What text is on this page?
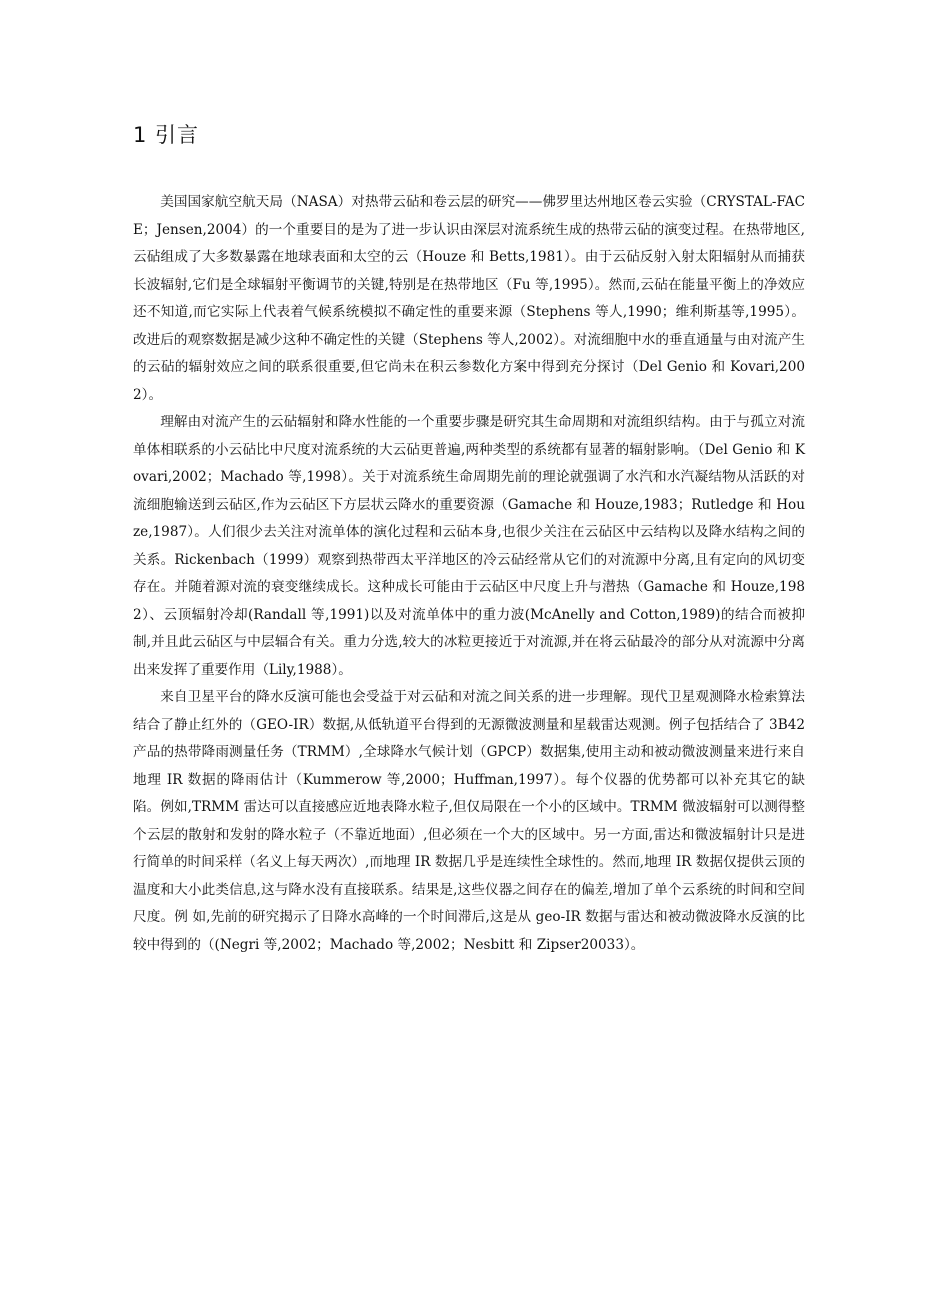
1 引言

美国国家航空航天局（NASA）对热带云砧和卷云层的研究——佛罗里达州地区卷云实验（CRYSTAL-FACE；Jensen,2004）的一个重要目的是为了进一步认识由深层对流系统生成的热带云砧的演变过程。在热带地区,云砧组成了大多数暴露在地球表面和太空的云（Houze 和 Betts,1981）。由于云砧反射入射太阳辐射从而捕获长波辐射,它们是全球辐射平衡调节的关键,特别是在热带地区（Fu 等,1995）。然而,云砧在能量平衡上的净效应还不知道,而它实际上代表着气候系统模拟不确定性的重要来源（Stephens 等人,1990；维利斯基等,1995）。改进后的观察数据是减少这种不确定性的关键（Stephens 等人,2002）。对流细胞中水的垂直通量与由对流产生的云砧的辐射效应之间的联系很重要,但它尚未在积云参数化方案中得到充分探讨（Del Genio 和 Kovari,2002）。

理解由对流产生的云砧辐射和降水性能的一个重要步骤是研究其生命周期和对流组织结构。由于与孤立对流单体相联系的小云砧比中尺度对流系统的大云砧更普遍,两种类型的系统都有显著的辐射影响。（Del Genio 和 Kovari,2002；Machado 等,1998）。关于对流系统生命周期先前的理论就强调了水汽和水汽凝结物从活跃的对流细胞输送到云砧区,作为云砧区下方层状云降水的重要资源（Gamache 和 Houze,1983；Rutledge 和 Houze,1987）。人们很少去关注对流单体的演化过程和云砧本身,也很少关注在云砧区中云结构以及降水结构之间的关系。Rickenbach（1999）观察到热带西太平洋地区的冷云砧经常从它们的对流源中分离,且有定向的风切变存在。并随着源对流的衰变继续成长。这种成长可能由于云砧区中尺度上升与潜热（Gamache 和 Houze,1982）、云顶辐射冷却(Randall 等,1991)以及对流单体中的重力波(McAnelly and Cotton,1989)的结合而被抑制,并且此云砧区与中层辐合有关。重力分选,较大的冰粒更接近于对流源,并在将云砧最冷的部分从对流源中分离出来发挥了重要作用（Lily,1988）。

来自卫星平台的降水反演可能也会受益于对云砧和对流之间关系的进一步理解。现代卫星观测降水检索算法结合了静止红外的（GEO-IR）数据,从低轨道平台得到的无源微波测量和星载雷达观测。例子包括结合了 3B42 产品的热带降雨测量任务（TRMM）,全球降水气候计划（GPCP）数据集,使用主动和被动微波测量来进行来自地理 IR 数据的降雨估计（Kummerow 等,2000；Huffman,1997）。每个仪器的优势都可以补充其它的缺陷。例如,TRMM 雷达可以直接感应近地表降水粒子,但仅局限在一个小的区域中。TRMM 微波辐射可以测得整个云层的散射和发射的降水粒子（不靠近地面）,但必须在一个大的区域中。另一方面,雷达和微波辐射计只是进行简单的时间采样（名义上每天两次）,而地理 IR 数据几乎是连续性全球性的。然而,地理 IR 数据仅提供云顶的温度和大小此类信息,这与降水没有直接联系。结果是,这些仪器之间存在的偏差,增加了单个云系统的时间和空间尺度。例 如,先前的研究揭示了日降水高峰的一个时间滞后,这是从 geo-IR 数据与雷达和被动微波降水反演的比较中得到的（(Negri 等,2002；Machado 等,2002；Nesbitt 和 Zipser20033）。
